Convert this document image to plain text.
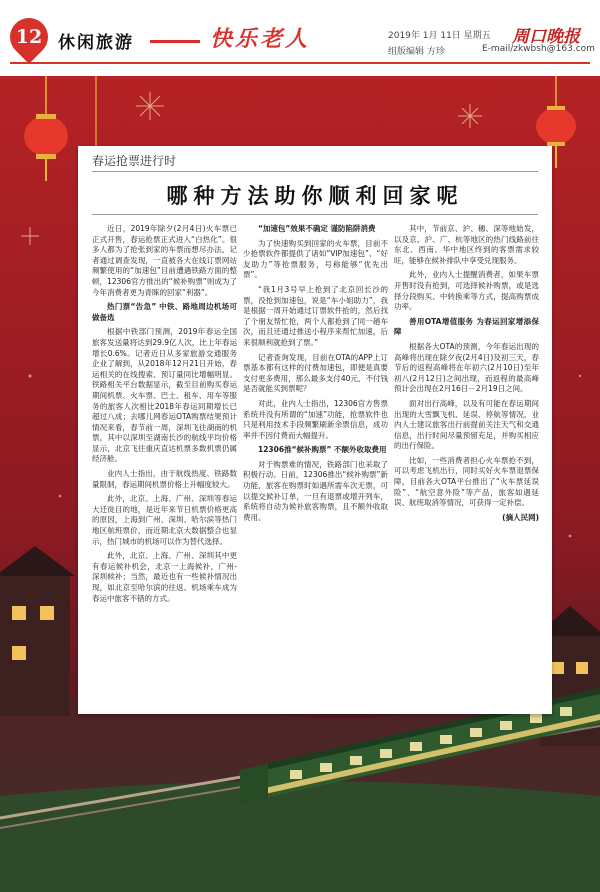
12 休闲旅游	快乐老人	2019年 1月 11日 星期五
组版编辑 方珍
周口晚报
E-mail/zkwbsh@163.com
春运抢票进行时
哪种方法助你顺利回家呢

近日，2019年除夕(2月4日)火车票已正式开售，春运抢票正式进入“白热化”。很多人都为了抢张到家的车票而想尽办法，记者通过调查发现，一直被各大在线订票网站频繁使用的“加速包”目前遭遇铁路方面的整顿，12306官方推出的“候补购票”则成为了今年消费者更为青睐的回家“利器”。

热门票“告急” 中铁、路地周边机场可做备选

根据中铁部门预测，2019年春运全国旅客发送量将达到29.9亿人次，比上年春运增长0.6%。记者近日从多家旅游交通服务企业了解到，从2018年12月21日开始，春运相关的在线搜索、预订量同比增幅明显。铁路相关平台数据显示，截至目前购买春运期间机票、火车票、巴士、租车、用车等服务的旅客人次相比2018年春运同期增长已超过八成；去哪儿网春运OTA购票结果预计情况来看，春节前一周，深圳飞往湖南的机票，其中以深圳至湖南长沙的航线平均价格显示，北京飞往重庆直达机票多数机票仍属经济舱。

业内人士指出，由于航线热度、铁路数量限制，春运期间机票价格上升幅度较大。

此外，北京、上海、广州、深圳等春运大迁徙目的地，是近年来节日机票价格更高的原因，上海到广州、深圳、哈尔滨等热门地区航班票价，而近期北京大数据整合也显示，热门城市的机场可以作为替代选择。

此外，北京、上海、广州、深圳其中更有春运候补机会，北京一上海候补，广州-深圳候补；当然，最近也有一些候补情况出现，如北京至哈尔滨的往返、机场乘车成为春运中旅客不错的方式。

“加速包”效果不确定 谨防陷阱消费

为了快速购买到回家的火车票，目前不少抢票软件都提供了诸如“VIP加速包”、“好友助力”等抢票服务，号称能够“优先出票”。

“我1月3号早上抢到了北京回长沙的票，没抢到加速包，说是“车小姐助力”，我是根据一周开始通过订票软件抢的，然后找了个朋友帮忙抢，两个人都抢到了同一趟车次，而且还通过推送小程序来帮忙加速，后来很顺利就抢到了票。”

记者查询发现，目前在OTA的APP上订票基本都有这样的付费加速包，即便是真要支付更多费用，那么最多支付40元，不付钱是否就能买到票呢？

对此，业内人士指出，12306官方售票系统并没有所谓的“加速”功能，抢票软件也只是利用技术手段频繁刷新余票信息，成功率并不因付费而大幅提升。

12306推“候补购票” 不额外收取费用

对于购票难的情况，铁路部门也采取了积极行动。日前，12306推出“候补购票”新功能，旅客在购票时如遇所需车次无票，可以提交候补订单，一旦有退票或增开列车，系统将自动为候补旅客购票，且不额外收取费用。

其中，节前京、沪、穗、深等地始发，以及京、沪、广、杭等地区的热门线路前往东北、西南、华中地区终到的客票需求较旺，能够在候补排队中享受兑现服务。

此外，业内人士提醒消费者，如果车票开售时没有抢到，可选择候补购票，或是选择分段购买、中转换乘等方式，提高购票成功率。

善用OTA增值服务 为春运回家增添保障

根据各大OTA的预测，今年春运出现的高峰将出现在除夕夜(2月4日)及初三天，春节后的返程高峰将在年初六(2月10日)至年初八(2月12日)之间出现，而返程的最高峰预计会出现在2月16日－2月19日之间。

面对出行高峰，以及有可能在春运期间出现的大雪飘飞机、延误、停航等情况，业内人士建议旅客出行前提前关注天气和交通信息，出行时间尽量预留充足，并购买相应的出行保险。

比如，一些消费者担心火车票抢不到，可以考虑飞机出行，同时买好火车票退票保障，目前各大OTA平台推出了“火车票延误险”、“航空意外险”等产品，旅客如遇延误、航班取消等情况，可获得一定补偿。

(摘人民网)
